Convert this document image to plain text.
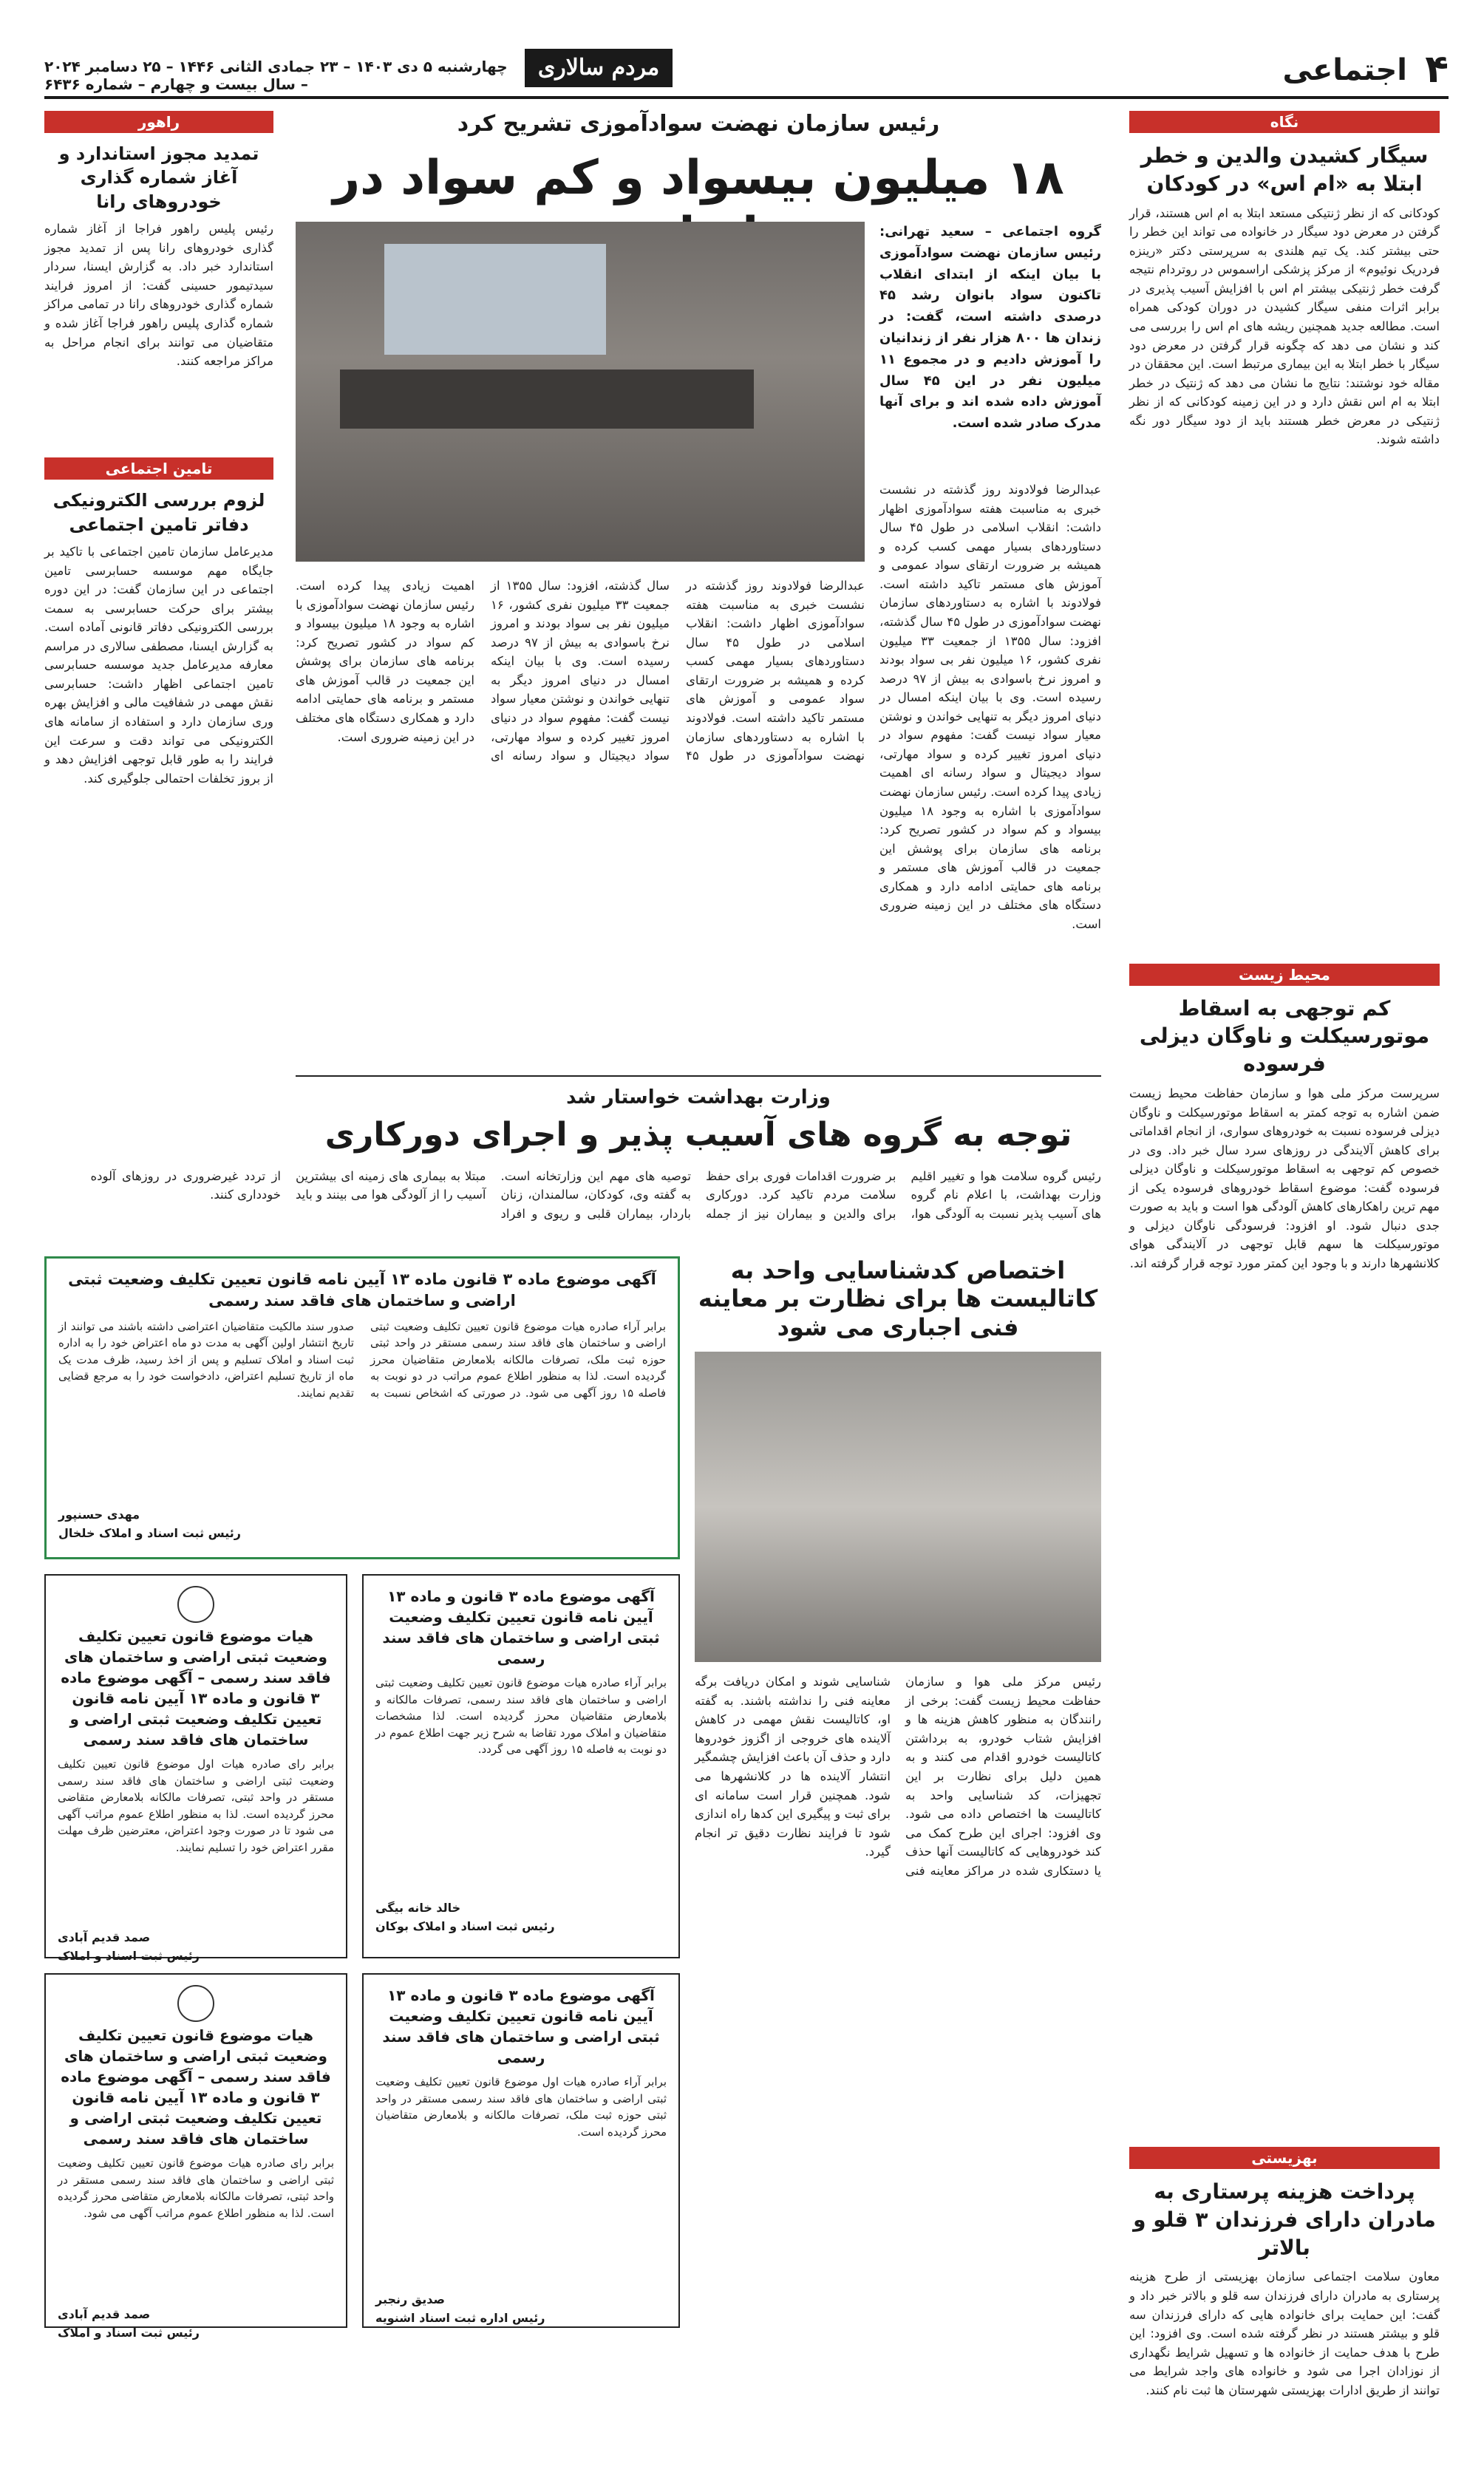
۴
اجتماعی
مردم سالاری
چهارشنبه ۵ دی ۱۴۰۳ – ۲۳ جمادی الثانی ۱۴۴۶ – ۲۵ دسامبر ۲۰۲۴ – سال بیست و چهارم – شماره ۶۴۳۶
نگاه
سیگار کشیدن والدین و خطر ابتلا به «ام اس» در کودکان
کودکانی که از نظر ژنتیکی مستعد ابتلا به ام اس هستند، قرار گرفتن در معرض دود سیگار در خانواده می تواند این خطر را حتی بیشتر کند. یک تیم هلندی به سرپرستی دکتر «رینزه فردریک نوئیوم» از مرکز پزشکی اراسموس در روتردام نتیجه گرفت خطر ژنتیکی بیشتر ام اس با افزایش آسیب پذیری در برابر اثرات منفی سیگار کشیدن در دوران کودکی همراه است. مطالعه جدید همچنین ریشه های ام اس را بررسی می کند و نشان می دهد که چگونه قرار گرفتن در معرض دود سیگار با خطر ابتلا به این بیماری مرتبط است. این محققان در مقاله خود نوشتند: نتایج ما نشان می دهد که ژنتیک در خطر ابتلا به ام اس نقش دارد و در این زمینه کودکانی که از نظر ژنتیکی در معرض خطر هستند باید از دود سیگار دور نگه داشته شوند.
محیط زیست
کم توجهی به اسقاط موتورسیکلت و ناوگان دیزلی فرسوده
سرپرست مرکز ملی هوا و سازمان حفاظت محیط زیست ضمن اشاره به توجه کمتر به اسقاط موتورسیکلت و ناوگان دیزلی فرسوده نسبت به خودروهای سواری، از انجام اقداماتی برای کاهش آلایندگی در روزهای سرد سال خبر داد. وی در خصوص کم توجهی به اسقاط موتورسیکلت و ناوگان دیزلی فرسوده گفت: موضوع اسقاط خودروهای فرسوده یکی از مهم ترین راهکارهای کاهش آلودگی هوا است و باید به صورت جدی دنبال شود. او افزود: فرسودگی ناوگان دیزلی و موتورسیکلت ها سهم قابل توجهی در آلایندگی هوای کلانشهرها دارند و با وجود این کمتر مورد توجه قرار گرفته اند.
بهزیستی
پرداخت هزینه پرستاری به مادران دارای فرزندان ۳ قلو و بالاتر
معاون سلامت اجتماعی سازمان بهزیستی از طرح هزینه پرستاری به مادران دارای فرزندان سه قلو و بالاتر خبر داد و گفت: این حمایت برای خانواده هایی که دارای فرزندان سه قلو و بیشتر هستند در نظر گرفته شده است. وی افزود: این طرح با هدف حمایت از خانواده ها و تسهیل شرایط نگهداری از نوزادان اجرا می شود و خانواده های واجد شرایط می توانند از طریق ادارات بهزیستی شهرستان ها ثبت نام کنند.
راهور
تمدید مجوز استاندارد و آغاز شماره گذاری خودروهای رانا
رئیس پلیس راهور فراجا از آغاز شماره گذاری خودروهای رانا پس از تمدید مجوز استاندارد خبر داد. به گزارش ایسنا، سردار سیدتیمور حسینی گفت: از امروز فرایند شماره گذاری خودروهای رانا در تمامی مراکز شماره گذاری پلیس راهور فراجا آغاز شده و متقاضیان می توانند برای انجام مراحل به مراکز مراجعه کنند.
تامین اجتماعی
لزوم بررسی الکترونیکی دفاتر تامین اجتماعی
مدیرعامل سازمان تامین اجتماعی با تاکید بر جایگاه مهم موسسه حسابرسی تامین اجتماعی در این سازمان گفت: در این دوره بیشتر برای حرکت حسابرسی به سمت بررسی الکترونیکی دفاتر قانونی آماده است. به گزارش ایسنا، مصطفی سالاری در مراسم معارفه مدیرعامل جدید موسسه حسابرسی تامین اجتماعی اظهار داشت: حسابرسی نقش مهمی در شفافیت مالی و افزایش بهره وری سازمان دارد و استفاده از سامانه های الکترونیکی می تواند دقت و سرعت این فرایند را به طور قابل توجهی افزایش دهد و از بروز تخلفات احتمالی جلوگیری کند.
رئیس سازمان نهضت سوادآموزی تشریح کرد
۱۸ میلیون بیسواد و کم سواد در
گروه اجتماعی – سعید تهرانی: رئیس سازمان نهضت سوادآموزی با بیان اینکه از ابتدای انقلاب تاکنون سواد بانوان رشد ۴۵ درصدی داشته است، گفت: در زندان ها ۸۰۰ هزار نفر از زندانیان را آموزش دادیم و در مجموع ۱۱ میلیون نفر در این ۴۵ سال آموزش داده شده اند و برای آنها مدرک صادر شده است.
عبدالرضا فولادوند روز گذشته در نشست خبری به مناسبت هفته سوادآموزی اظهار داشت: انقلاب اسلامی در طول ۴۵ سال دستاوردهای بسیار مهمی کسب کرده و همیشه بر ضرورت ارتقای سواد عمومی و آموزش های مستمر تاکید داشته است. فولادوند با اشاره به دستاوردهای سازمان نهضت سوادآموزی در طول ۴۵ سال گذشته، افزود: سال ۱۳۵۵ از جمعیت ۳۳ میلیون نفری کشور، ۱۶ میلیون نفر بی سواد بودند و امروز نرخ باسوادی به بیش از ۹۷ درصد رسیده است. وی با بیان اینکه امسال در دنیای امروز دیگر به تنهایی خواندن و نوشتن معیار سواد نیست گفت: مفهوم سواد در دنیای امروز تغییر کرده و سواد مهارتی، سواد دیجیتال و سواد رسانه ای اهمیت زیادی پیدا کرده است. رئیس سازمان نهضت سوادآموزی با اشاره به وجود ۱۸ میلیون بیسواد و کم سواد در کشور تصریح کرد: برنامه های سازمان برای پوشش این جمعیت در قالب آموزش های مستمر و برنامه های حمایتی ادامه دارد و همکاری دستگاه های مختلف در این زمینه ضروری است.
عبدالرضا فولادوند روز گذشته در نشست خبری به مناسبت هفته سوادآموزی اظهار داشت: انقلاب اسلامی در طول ۴۵ سال دستاوردهای بسیار مهمی کسب کرده و همیشه بر ضرورت ارتقای سواد عمومی و آموزش های مستمر تاکید داشته است. فولادوند با اشاره به دستاوردهای سازمان نهضت سوادآموزی در طول ۴۵ سال گذشته، افزود: سال ۱۳۵۵ از جمعیت ۳۳ میلیون نفری کشور، ۱۶ میلیون نفر بی سواد بودند و امروز نرخ باسوادی به بیش از ۹۷ درصد رسیده است. وی با بیان اینکه امسال در دنیای امروز دیگر به تنهایی خواندن و نوشتن معیار سواد نیست گفت: مفهوم سواد در دنیای امروز تغییر کرده و سواد مهارتی، سواد دیجیتال و سواد رسانه ای اهمیت زیادی پیدا کرده است. رئیس سازمان نهضت سوادآموزی با اشاره به وجود ۱۸ میلیون بیسواد و کم سواد در کشور تصریح کرد: برنامه های سازمان برای پوشش این جمعیت در قالب آموزش های مستمر و برنامه های حمایتی ادامه دارد و همکاری دستگاه های مختلف در این زمینه ضروری است.
وزارت بهداشت خواستار شد
توجه به گروه های آسیب پذیر و اجرای دورکاری
رئیس گروه سلامت هوا و تغییر اقلیم وزارت بهداشت، با اعلام نام گروه های آسیب پذیر نسبت به آلودگی هوا، بر ضرورت اقدامات فوری برای حفظ سلامت مردم تاکید کرد. دورکاری برای والدین و بیماران نیز از جمله توصیه های مهم این وزارتخانه است. به گفته وی، کودکان، سالمندان، زنان باردار، بیماران قلبی و ریوی و افراد مبتلا به بیماری های زمینه ای بیشترین آسیب را از آلودگی هوا می بینند و باید از تردد غیرضروری در روزهای آلوده خودداری کنند.
اختصاص کدشناسایی واحد به کاتالیست ها برای نظارت بر معاینه فنی اجباری می شود
رئیس مرکز ملی هوا و سازمان حفاظت محیط زیست گفت: برخی از رانندگان به منظور کاهش هزینه ها و افزایش شتاب خودرو، به برداشتن کاتالیست خودرو اقدام می کنند و به همین دلیل برای نظارت بر این تجهیزات، کد شناسایی واحد به کاتالیست ها اختصاص داده می شود. وی افزود: اجرای این طرح کمک می کند خودروهایی که کاتالیست آنها حذف یا دستکاری شده در مراکز معاینه فنی شناسایی شوند و امکان دریافت برگه معاینه فنی را نداشته باشند. به گفته او، کاتالیست نقش مهمی در کاهش آلاینده های خروجی از اگزوز خودروها دارد و حذف آن باعث افزایش چشمگیر انتشار آلاینده ها در کلانشهرها می شود. همچنین قرار است سامانه ای برای ثبت و پیگیری این کدها راه اندازی شود تا فرایند نظارت دقیق تر انجام گیرد.
آگهی موضوع ماده ۳ قانون ماده ۱۳ آیین نامه قانون تعیین تکلیف وضعیت ثبتی اراضی و ساختمان های فاقد سند رسمی
برابر آراء صادره هیات موضوع قانون تعیین تکلیف وضعیت ثبتی اراضی و ساختمان های فاقد سند رسمی مستقر در واحد ثبتی حوزه ثبت ملک، تصرفات مالکانه بلامعارض متقاضیان محرز گردیده است. لذا به منظور اطلاع عموم مراتب در دو نوبت به فاصله ۱۵ روز آگهی می شود. در صورتی که اشخاص نسبت به صدور سند مالکیت متقاضیان اعتراضی داشته باشند می توانند از تاریخ انتشار اولین آگهی به مدت دو ماه اعتراض خود را به اداره ثبت اسناد و املاک تسلیم و پس از اخذ رسید، ظرف مدت یک ماه از تاریخ تسلیم اعتراض، دادخواست خود را به مرجع قضایی تقدیم نمایند.
مهدی حسنپور
رئیس ثبت اسناد و املاک خلخال
هیات موضوع قانون تعیین تکلیف وضعیت ثبتی اراضی و ساختمان های فاقد سند رسمی – آگهی موضوع ماده ۳ قانون و ماده ۱۳ آیین نامه قانون تعیین تکلیف وضعیت ثبتی اراضی و ساختمان های فاقد سند رسمی
برابر رای صادره هیات اول موضوع قانون تعیین تکلیف وضعیت ثبتی اراضی و ساختمان های فاقد سند رسمی مستقر در واحد ثبتی، تصرفات مالکانه بلامعارض متقاضی محرز گردیده است. لذا به منظور اطلاع عموم مراتب آگهی می شود تا در صورت وجود اعتراض، معترضین ظرف مهلت مقرر اعتراض خود را تسلیم نمایند.
صمد قدیم آبادی
رئیس ثبت اسناد و املاک
آگهی موضوع ماده ۳ قانون و ماده ۱۳ آیین نامه قانون تعیین تکلیف وضعیت ثبتی اراضی و ساختمان های فاقد سند رسمی
برابر آراء صادره هیات موضوع قانون تعیین تکلیف وضعیت ثبتی اراضی و ساختمان های فاقد سند رسمی، تصرفات مالکانه و بلامعارض متقاضیان محرز گردیده است. لذا مشخصات متقاضیان و املاک مورد تقاضا به شرح زیر جهت اطلاع عموم در دو نوبت به فاصله ۱۵ روز آگهی می گردد.
خالد خانه بیگی
رئیس ثبت اسناد و املاک بوکان
هیات موضوع قانون تعیین تکلیف وضعیت ثبتی اراضی و ساختمان های فاقد سند رسمی – آگهی موضوع ماده ۳ قانون و ماده ۱۳ آیین نامه قانون تعیین تکلیف وضعیت ثبتی اراضی و ساختمان های فاقد سند رسمی
برابر رای صادره هیات موضوع قانون تعیین تکلیف وضعیت ثبتی اراضی و ساختمان های فاقد سند رسمی مستقر در واحد ثبتی، تصرفات مالکانه بلامعارض متقاضی محرز گردیده است. لذا به منظور اطلاع عموم مراتب آگهی می شود.
صمد قدیم آبادی
رئیس ثبت اسناد و املاک
آگهی موضوع ماده ۳ قانون و ماده ۱۳ آیین نامه قانون تعیین تکلیف وضعیت ثبتی اراضی و ساختمان های فاقد سند رسمی
برابر آراء صادره هیات اول موضوع قانون تعیین تکلیف وضعیت ثبتی اراضی و ساختمان های فاقد سند رسمی مستقر در واحد ثبتی حوزه ثبت ملک، تصرفات مالکانه و بلامعارض متقاضیان محرز گردیده است.
صدیق رنجبر
رئیس اداره ثبت اسناد اشنویه
